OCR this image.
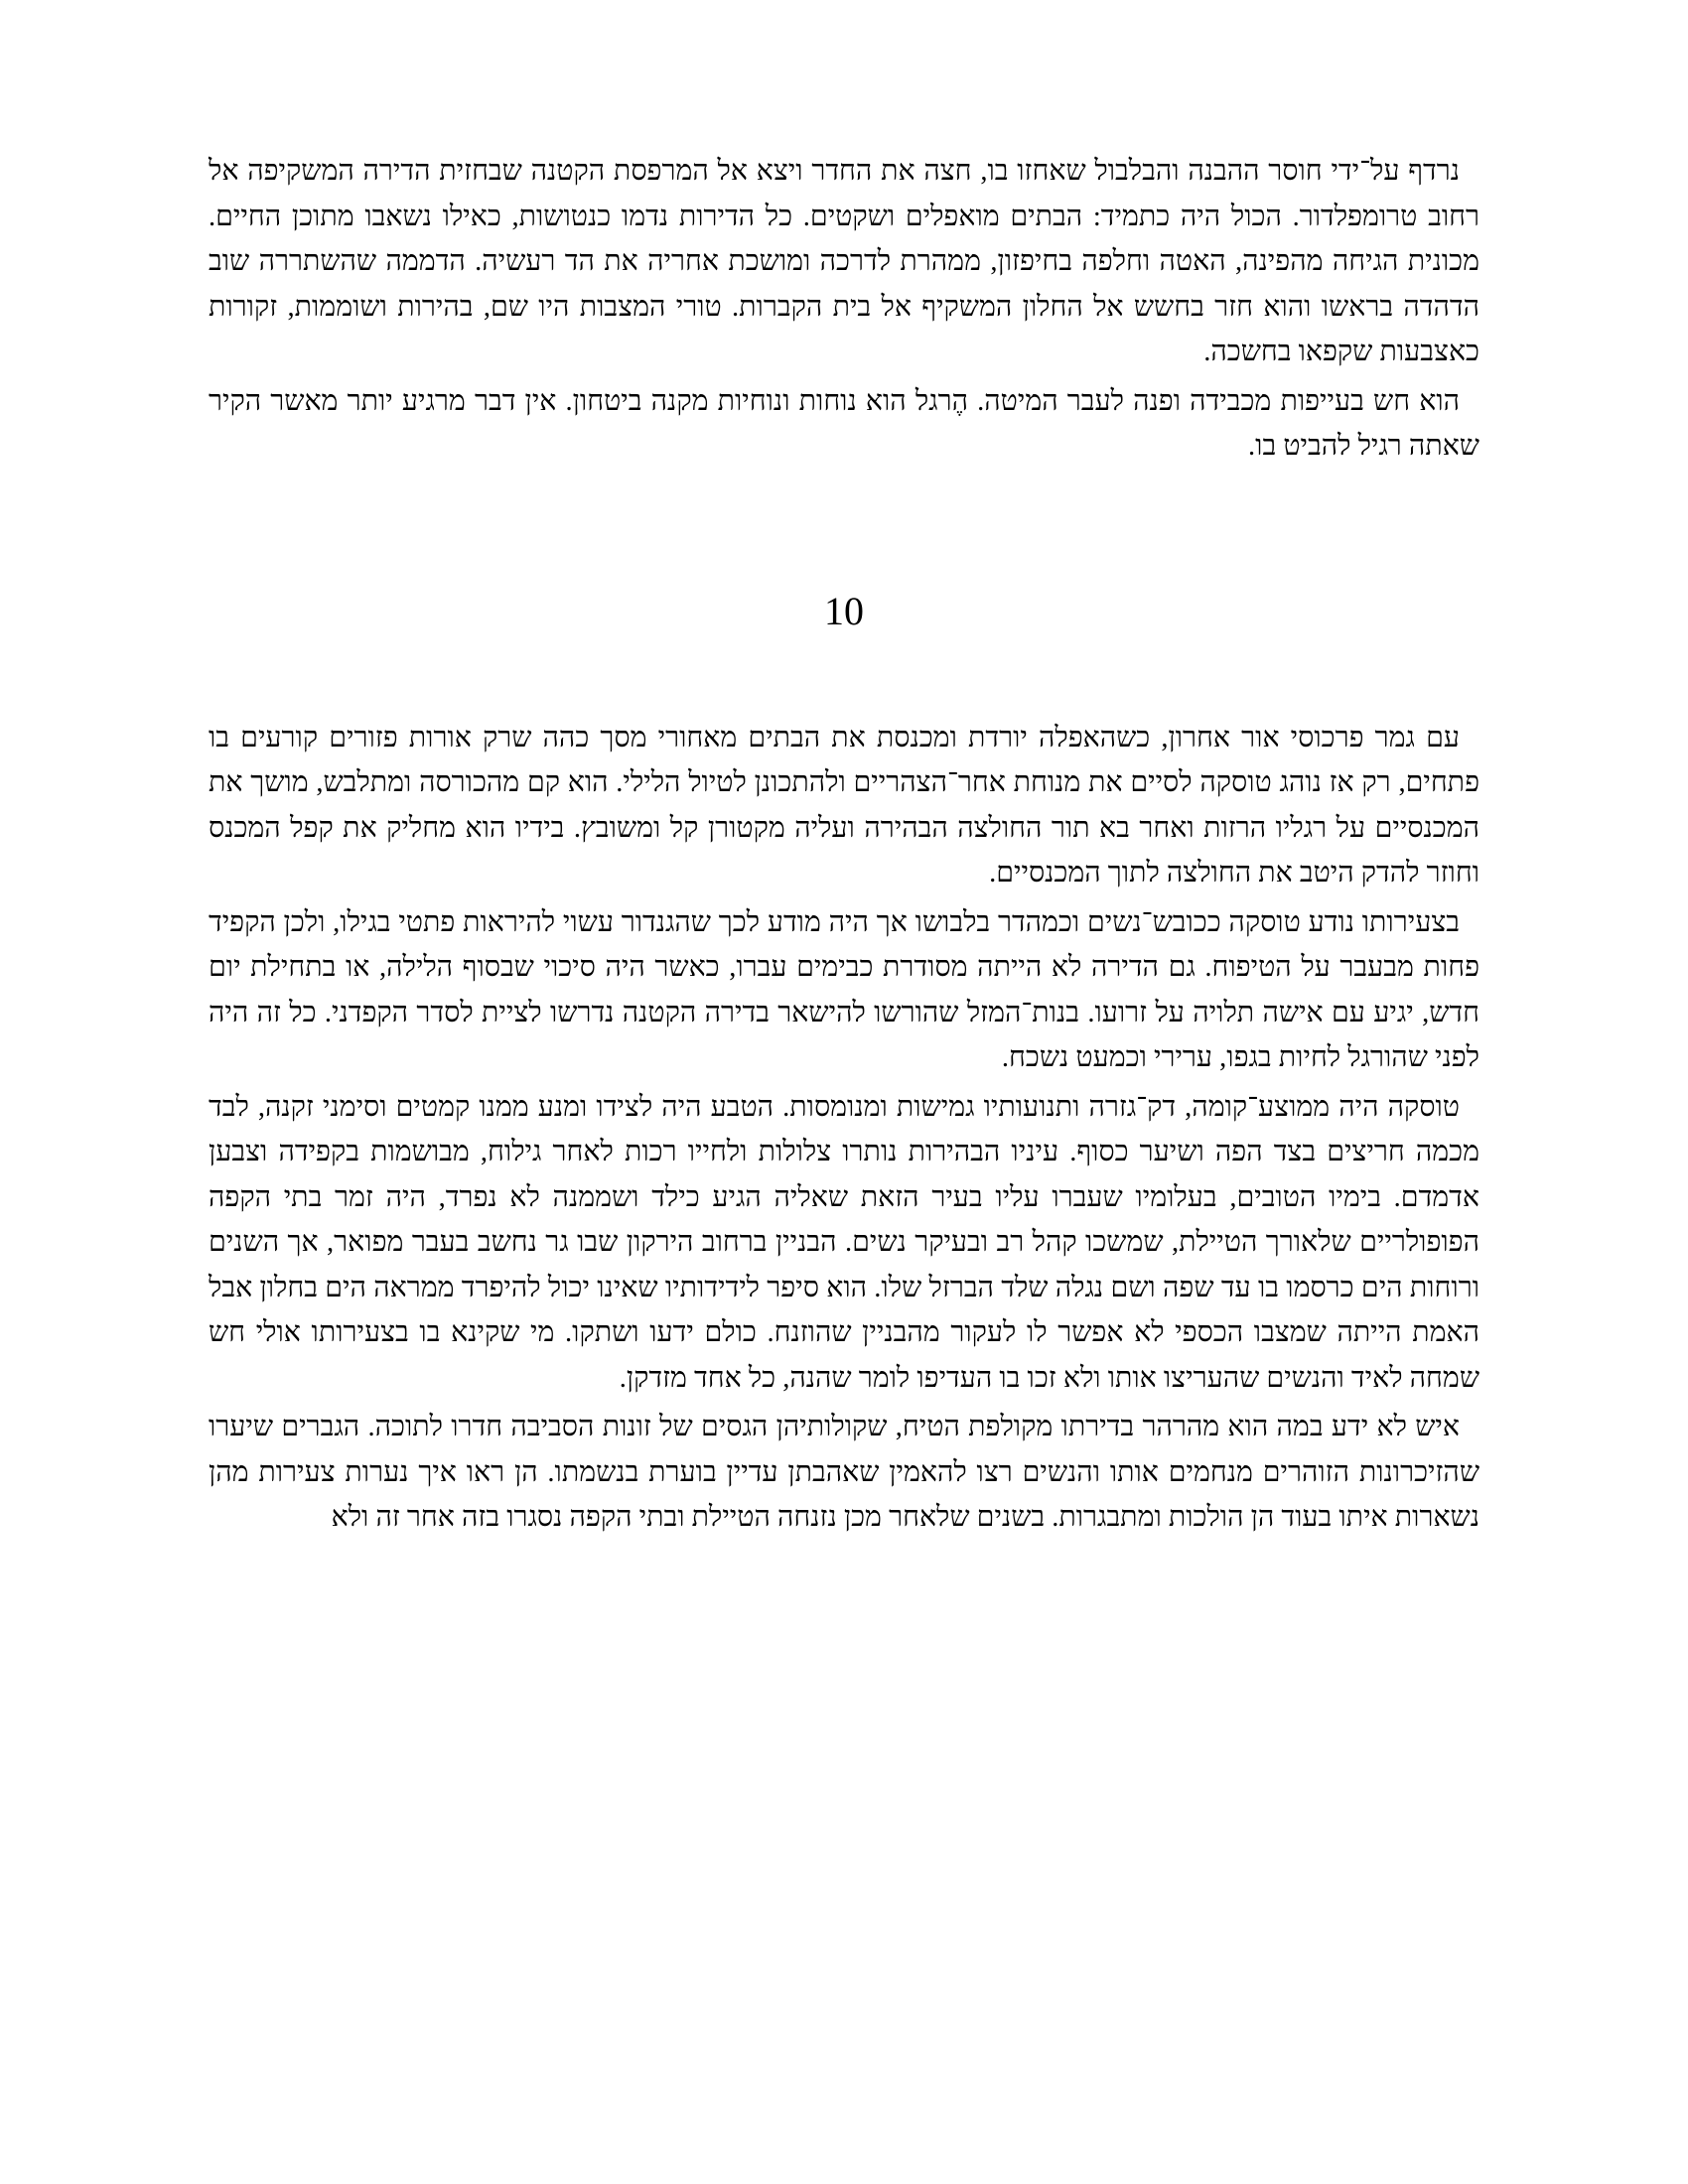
נרדף על־ידי חוסר ההבנה והבלבול שאחזו בו, חצה את החדר ויצא אל המרפסת הקטנה שבחזית הדירה המשקיפה אל רחוב טרומפלדור. הכול היה כתמיד: הבתים מואפלים ושקטים. כל הדירות נדמו כנטושות, כאילו נשאבו מתוכן החיים. מכונית הגיחה מהפינה, האטה וחלפה בחיפזון, ממהרת לדרכה ומושכת אחריה את הד רעשיה. הדממה שהשתררה שוב הדהדה בראשו והוא חזר בחשש אל החלון המשקיף אל בית הקברות. טורי המצבות היו שם, בהירות ושוממות, זקורות כאצבעות שקפאו בחשכה.

הוא חש בעייפות מכבידה ופנה לעבר המיטה. הֶרגל הוא נוחות ונוחיות מקנה ביטחון. אין דבר מרגיע יותר מאשר הקיר שאתה רגיל להביט בו.

10

עם גמר פרכוסי אור אחרון, כשהאפלה יורדת ומכנסת את הבתים מאחורי מסך כהה שרק אורות פזורים קורעים בו פתחים, רק אז נוהג טוסקה לסיים את מנוחת אחר־הצהריים ולהתכונן לטיול הלילי. הוא קם מהכורסה ומתלבש, מושך את המכנסיים על רגליו הרזות ואחר בא תור החולצה הבהירה ועליה מקטורן קל ומשובץ. בידיו הוא מחליק את קפל המכנס וחוזר להדק היטב את החולצה לתוך המכנסיים.

בצעירותו נודע טוסקה ככובש־נשים וכמהדר בלבושו אך היה מודע לכך שהגנדור עשוי להיראות פתטי בגילו, ולכן הקפיד פחות מבעבר על הטיפוח. גם הדירה לא הייתה מסודרת כבימים עברו, כאשר היה סיכוי שבסוף הלילה, או בתחילת יום חדש, יגיע עם אישה תלויה על זרועו. בנות־המזל שהורשו להישאר בדירה הקטנה נדרשו לציית לסדר הקפדני. כל זה היה לפני שהורגל לחיות בגפו, ערירי וכמעט נשכח.

טוסקה היה ממוצע־קומה, דק־גזרה ותנועותיו גמישות ומנומסות. הטבע היה לצידו ומנע ממנו קמטים וסימני זקנה, לבד מכמה חריצים בצד הפה ושיער כסוף. עיניו הבהירות נותרו צלולות ולחייו רכות לאחר גילוח, מבושמות בקפידה וצבען אדמדם. בימיו הטובים, בעלומיו שעברו עליו בעיר הזאת שאליה הגיע כילד ושממנה לא נפרד, היה זמר בתי הקפה הפופולריים שלאורך הטיילת, שמשכו קהל רב ובעיקר נשים. הבניין ברחוב הירקון שבו גר נחשב בעבר מפואר, אך השנים ורוחות הים כרסמו בו עד שפה ושם נגלה שלד הברזל שלו. הוא סיפר לידידותיו שאינו יכול להיפרד ממראה הים בחלון אבל האמת הייתה שמצבו הכספי לא אפשר לו לעקור מהבניין שהוזנח. כולם ידעו ושתקו. מי שקינא בו בצעירותו אולי חש שמחה לאיד והנשים שהעריצו אותו ולא זכו בו העדיפו לומר שהנה, כל אחד מזדקן.

איש לא ידע במה הוא מהרהר בדירתו מקולפת הטיח, שקולותיהן הגסים של זונות הסביבה חדרו לתוכה. הגברים שיערו שהזיכרונות הזוהרים מנחמים אותו והנשים רצו להאמין שאהבתן עדיין בוערת בנשמתו. הן ראו איך נערות צעירות מהן נשארות איתו בעוד הן הולכות ומתבגרות. בשנים שלאחר מכן נזנחה הטיילת ובתי הקפה נסגרו בזה אחר זה ולא
